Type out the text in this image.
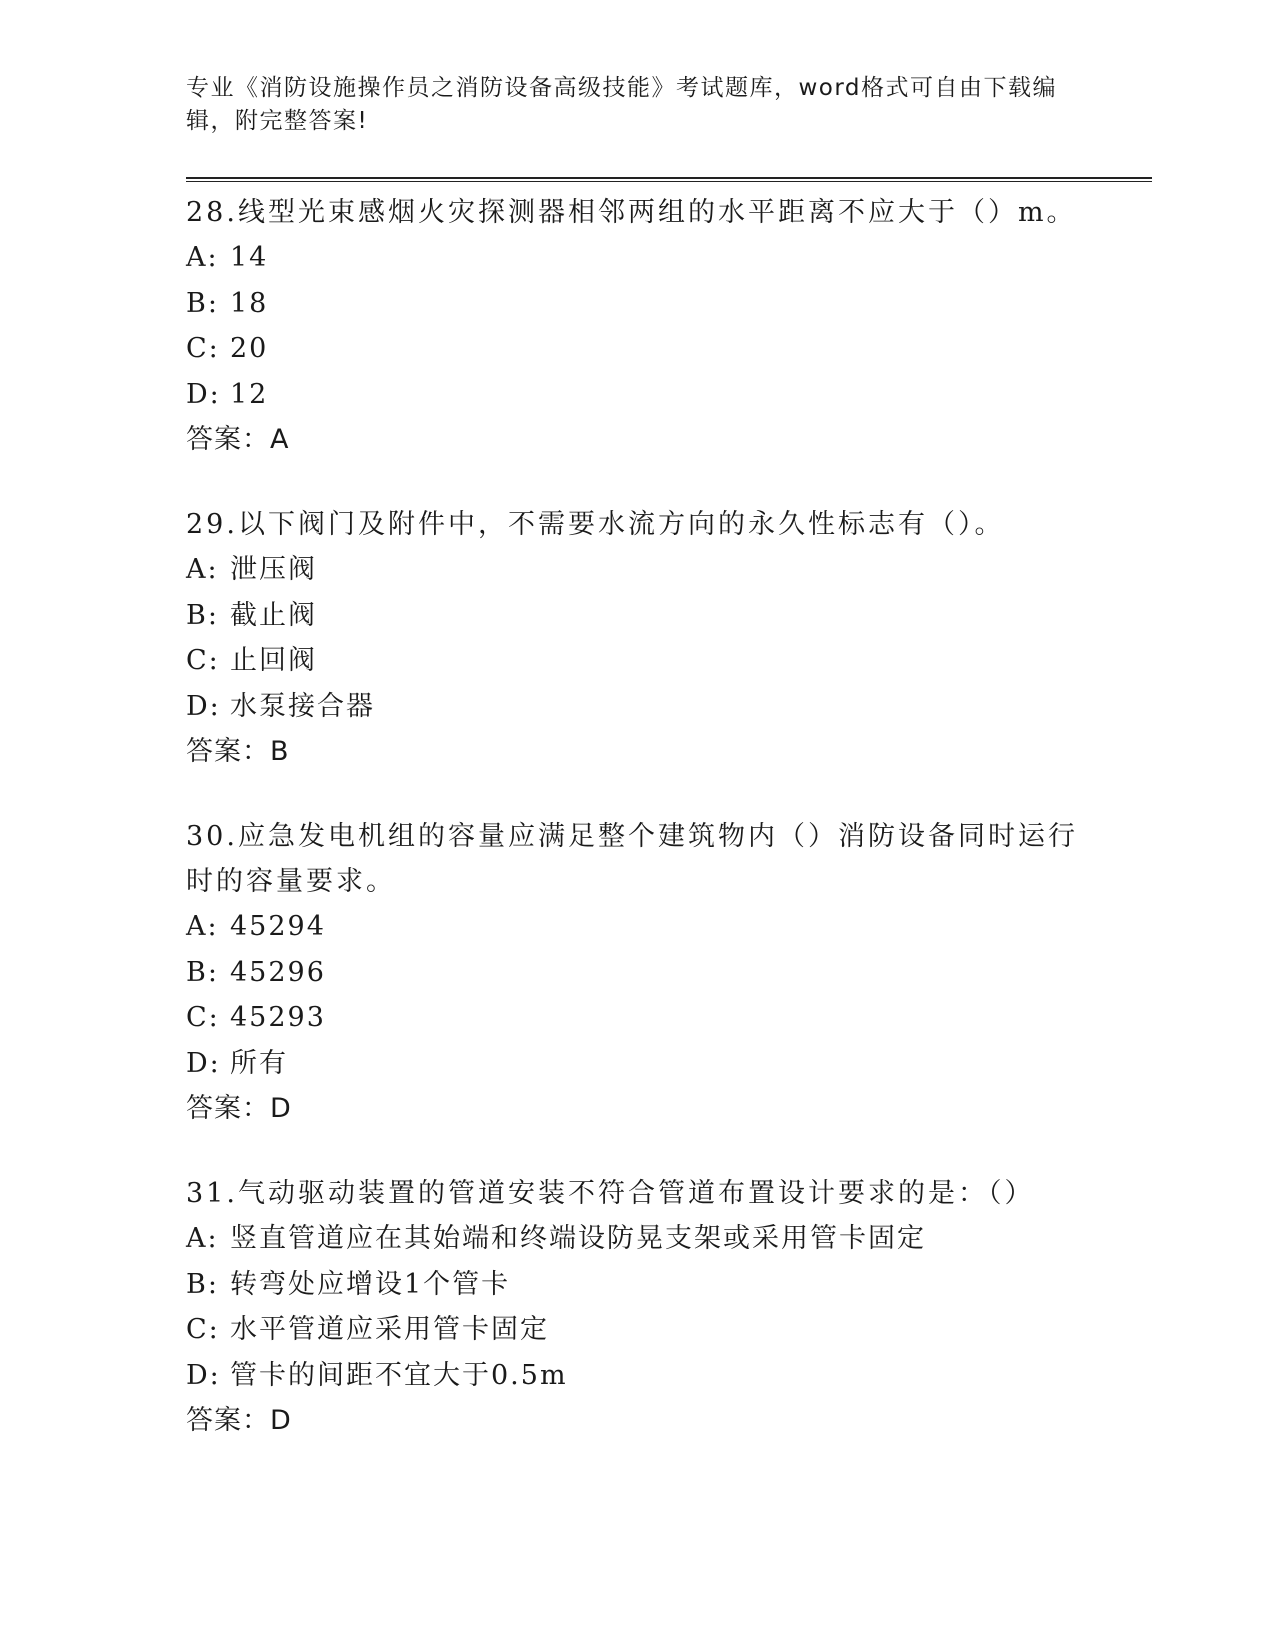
专业《消防设施操作员之消防设备高级技能》考试题库，word格式可自由下载编辑，附完整答案!
28.线型光束感烟火灾探测器相邻两组的水平距离不应大于（）m。
A: 14
B: 18
C: 20
D: 12
答案：A
29.以下阀门及附件中，不需要水流方向的永久性标志有（）。
A: 泄压阀
B: 截止阀
C: 止回阀
D: 水泵接合器
答案：B
30.应急发电机组的容量应满足整个建筑物内（）消防设备同时运行时的容量要求。
A: 45294
B: 45296
C: 45293
D: 所有
答案：D
31.气动驱动装置的管道安装不符合管道布置设计要求的是：（）
A: 竖直管道应在其始端和终端设防晃支架或采用管卡固定
B: 转弯处应增设1个管卡
C: 水平管道应采用管卡固定
D: 管卡的间距不宜大于0.5m
答案：D
